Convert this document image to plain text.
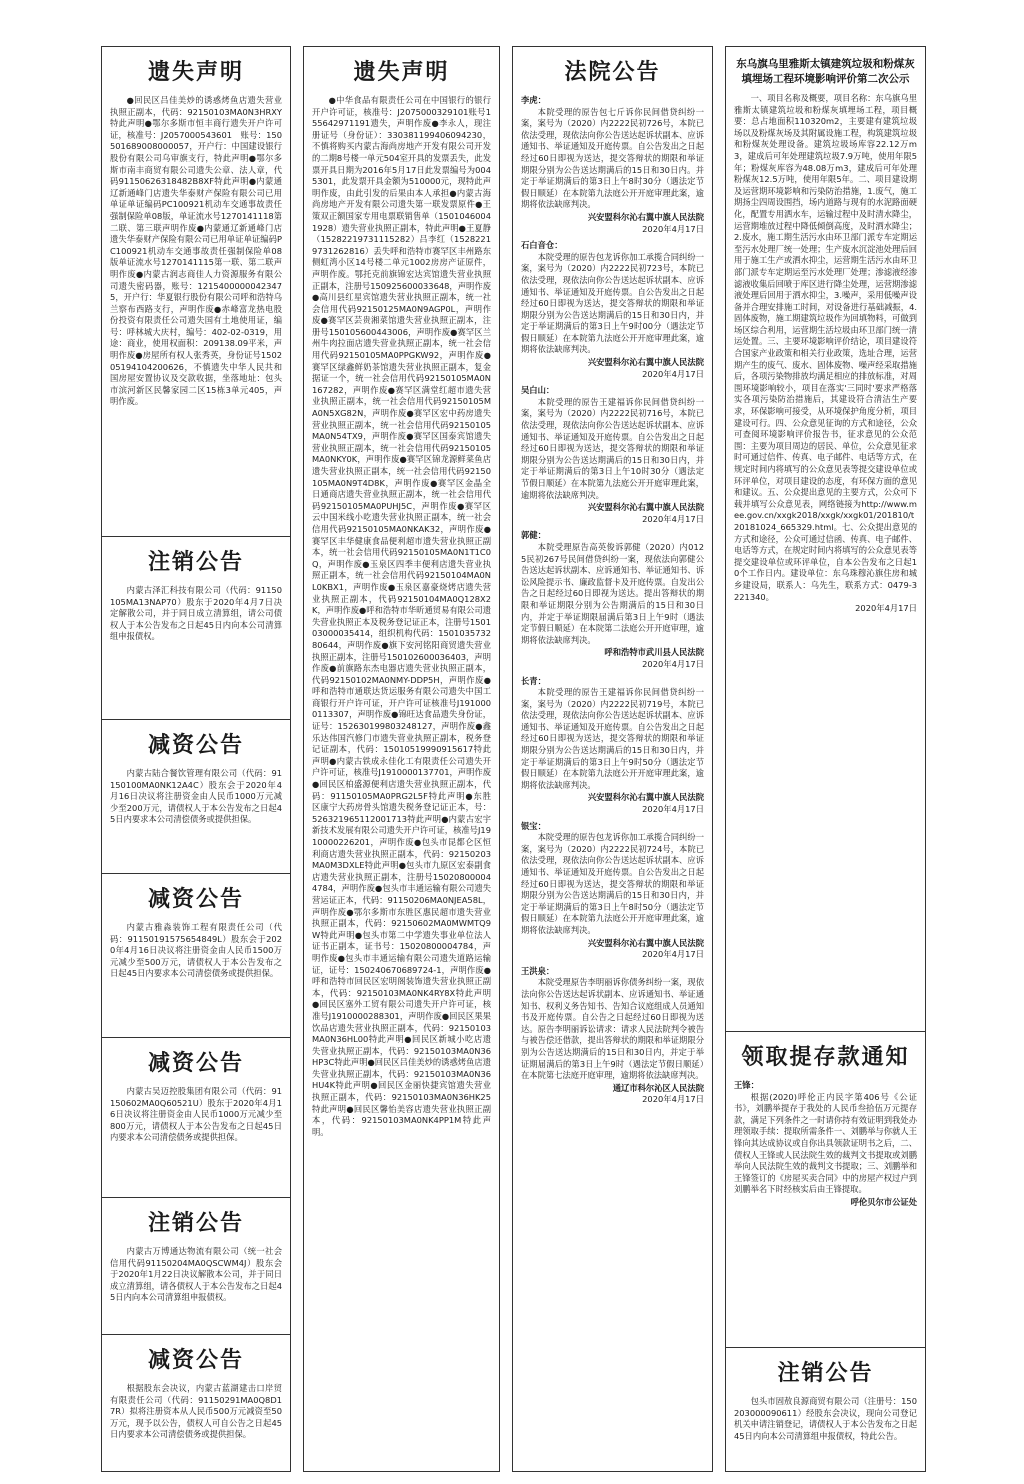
遗失声明

●回民区吕佳美炒的诱惑烤鱼店遗失营业执照正副本，代码：92150103MA0N3HRXY特此声明●鄂尔多斯市恒丰商行遗失开户许可证，核准号：J2057000543601　账号：150501689008000057，开户行：中国建设银行股份有限公司乌审旗支行，特此声明●鄂尔多斯市南丰商贸有限公司遗失公章、法人章，代码91150626318482B8XF特此声明●内蒙通辽新通峰门店遗失华泰财产保险有限公司已用单证单证编码PC100921机动车交通事故责任强制保险单08版，单证流水号1270141118第二联、第三联声明作废●内蒙通辽新通峰门店遗失华泰财产保险有限公司已用单证单证编码PC100921机动车交通事故责任强制保险单08版单证流水号1270141115第一联、第二联声明作废●内蒙古润志商佳人力资源服务有限公司遗失密码器，账号：12154000000423475，开户行：华夏银行股份有限公司呼和浩特乌兰察布西路支行，声明作废●赤峰富龙热电股份投资有限责任公司遗失国有土地使用证，编号：呼林城大庆村，编号：402-02-0319，用途：商业，使用权面积：209138.09平米，声明作废●房屋所有权人张秀英，身份证号150205194104200626，不慎遗失中华人民共和国房屋安置协议及交款收据，坐落地址：包头市滨河新区民馨家园二区15栋3单元405，声明作废。

注销公告

内蒙古泽汇科技有限公司（代码：91150105MA13NAP70）股东于2020年4月7日决定解散公司，并于同日成立清算组，请公司债权人于本公告发布之日起45日内向本公司清算组申报债权。

减资公告

内蒙古陆合餐饮管理有限公司（代码：91150100MA0NK12A4C）股东会于2020年4月16日决议将注册资金由人民币1000万元减少至200万元，请债权人于本公告发布之日起45日内要求本公司清偿债务或提供担保。

减资公告

内蒙古雅淼装饰工程有限责任公司（代码：91150191575654849L）股东会于2020年4月16日决议将注册资金由人民币1500万元减少至500万元，请债权人于本公告发布之日起45日内要求本公司清偿债务或提供担保。

减资公告

内蒙古吴迈控股集团有限公司（代码：91150602MA0Q60521U）股东于2020年4月16日决议将注册资金由人民币1000万元减少至800万元，请债权人于本公告发布之日起45日内要求本公司清偿债务或提供担保。

注销公告

内蒙古万博通达物流有限公司（统一社会信用代码91150204MA0QSCWM4J）股东会于2020年1月22日决议解散本公司，并于同日成立清算组，请各债权人于本公告发布之日起45日内向本公司清算组申报债权。

减资公告

根据股东会决议，内蒙古蓝湖建击口岸贸有限责任公司（代码：91150291MA0Q8D17R）拟将注册资本从人民币500万元减资至50万元，现予以公告，债权人可自公告之日起45日内要求本公司清偿债务或提供担保。

遗失声明

●中华食品有限责任公司在中国银行的银行开户许可证，核准号：J2075000329101账号155642971191遗失，声明作废●李永人，现注册证号（身份证）：330381199406094230，不慎将购买内蒙古海尚房地产开发有限公司开发的二期8号楼一单元504室开具的发票丢失，此发票开具日期为2016年5月17日此发票编号为0045301，此发票开具金额为510000元，现特此声明作废，由此引发的后果由本人承担●内蒙古海尚房地产开发有限公司遗失第一联发票原件●王策双正额国家专用电票联销售单（15010460041928）遗失营业执照正副本，特此声明●王夏静（15282219731115282）吕李红（15282219731262816）丢失呼和浩特市赛罕区丰州路东侧虹湾小区14号楼二单元1002房房产证原件，声明作废。鄂托克前旗锦宏达宾馆遗失营业执照正副本，注册号150925600033648，声明作废●高川县红星宾馆遗失营业执照正副本，统一社会信用代码92150125MA0N9AGP0L，声明作废●赛罕区芸贵湘菜馆遗失营业执照正副本，注册号150105600443006，声明作废●赛罕区兰州牛肉拉面店遗失营业执照正副本，统一社会信用代码92150105MA0PPGKW92，声明作废●赛罕区绿鑫鲜奶茶馆遗失营业执照正副本，复金据证一个，统一社会信用代码92150105MA0N167282，声明作废●赛罕区满堂红超市遗失营业执照正副本，统一社会信用代码92150105MA0N5XG82N，声明作废●赛罕区宏中药房遗失营业执照正副本，统一社会信用代码92150105MA0N54TX9，声明作废●赛罕区国泰宾馆遗失营业执照正副本，统一社会信用代码92150105MA0NKY0K，声明作废●赛罕区锦龙源鲜菜鱼店遗失营业执照正副本，统一社会信用代码92150105MA0N9T4D8K，声明作废●赛罕区金晶全日通商店遗失营业执照正副本，统一社会信用代码92150105MA0PUHJ5C，声明作废●赛罕区云中国米线小吃遗失营业执照正副本，统一社会信用代码92150105MA0NKAK32，声明作废●赛罕区丰华健康食品便利超市遗失营业执照正副本，统一社会信用代码92150105MA0N1T1C0Q，声明作废●玉泉区四季丰便利店遗失营业执照正副本，统一社会信用代码92150104MA0NL0KBX1，声明作废●玉泉区嘉豪烧烤店遗失营业执照正副本，代码92150104MA0Q128X2K，声明作废●呼和浩特市华昕通贸易有限公司遗失营业执照正本及税务登记证正本，注册号150103000035414，组织机构代码：150103573280644，声明作废●旗下安河铭阳商贸遗失营业执照正副本，注册号150102600036403，声明作废●前旗路东杰电器店遗失营业执照正副本，代码92150102MA0NMY-DDP5H，声明作废●呼和浩特市通联达货运服务有限公司遗失中国工商银行开户许可证，开户许可证核准号J1910000113307，声明作废●锦旺达食品遗失身份证，证号：152630199803248127，声明作废●鑫乐达伟国汽修门市遗失营业执照正副本，税务登记证副本，代码：15010519990915617特此声明●内蒙古铁成永佳化工有限责任公司遗失开户许可证，核准号J1910000137701，声明作废●回民区柏盛源便利店遗失营业执照正副本，代码：91150105MA0PRG2L5F特此声明●东胜区康宁大药房骨头馆遗失税务登记证正本，号：526321965112001713特此声明●内蒙古宏宇新技术发展有限公司遗失开户许可证，核准号J1910000226201，声明作废●包头市昆都仑区恒利商店遗失营业执照正副本，代码：92150203MA0M3DXLE特此声明●包头市九原区宏泰副食店遗失营业执照正副本，注册号150208000044784，声明作废●包头市丰通运输有限公司遗失营运证正本，代码：91150206MA0NJEA58L，声明作废●鄂尔多斯市东胜区惠民超市遗失营业执照正副本，代码：92150602MA0MWMTQ9W特此声明●包头市第二中学遗失事业单位法人证书正副本，证书号：15020800004784，声明作废●包头市丰通运输有限公司遗失道路运输证，证号：150240670689724-1，声明作废●呼和浩特市回民区宏明阁装饰遗失营业执照正副本，代码：92150103MA0NK4RY8X特此声明●回民区塞外工贸有限公司遗失开户许可证，核准号J1910000288301，声明作废●回民区果果饮品店遗失营业执照正副本，代码：92150103MA0N36HL00特此声明●回民区新城小吃店遗失营业执照正副本，代码：92150103MA0N36HP3C特此声明●回民区吕佳美炒的诱惑烤鱼店遗失营业执照正副本，代码：92150103MA0N36HU4K特此声明●回民区金丽快捷宾馆遗失营业执照正副本，代码：92150103MA0N36HK25特此声明●回民区馨怡美容店遗失营业执照正副本，代码：92150103MA0NK4PP1M特此声明。

法院公告
李虎：

本院受理的原告包七斤诉你民间借贷纠纷一案，案号为（2020）内2222民初726号，本院已依法受理，现依法向你公告送达起诉状副本、应诉通知书、举证通知及开庭传票。自公告发出之日起经过60日即视为送达，提交答辩状的期限和举证期限分别为公告送达期满后的15日和30日内。并定于举证期满后的第3日上午8时30分（遇法定节假日顺延）在本院第九法庭公开开庭审理此案，逾期将依法缺席判决。

兴安盟科尔沁右翼中旗人民法院
2020年4月17日
石白音仓：

本院受理的原告包龙诉你加工承揽合同纠纷一案，案号为（2020）内2222民初723号，本院已依法受理，现依法向你公告送达起诉状副本、应诉通知书、举证通知及开庭传票。自公告发出之日起经过60日即视为送达，提交答辩状的期限和举证期限分别为公告送达期满后的15日和30日内，并定于举证期满后的第3日上午9时00分（遇法定节假日顺延）在本院第九法庭公开开庭审理此案，逾期将依法缺席判决。

兴安盟科尔沁右翼中旗人民法院
2020年4月17日
吴白山：

本院受理的原告王建福诉你民间借贷纠纷一案，案号为（2020）内2222民初716号，本院已依法受理，现依法向你公告送达起诉状副本、应诉通知书、举证通知及开庭传票。自公告发出之日起经过60日即视为送达，提交答辩状的期限和举证期限分别为公告送达期满后的15日和30日内，并定于举证期满后的第3日上午10时30分（遇法定节假日顺延）在本院第九法庭公开开庭审理此案，逾期将依法缺席判决。

兴安盟科尔沁右翼中旗人民法院
2020年4月17日
郭健：

本院受理原告高英俊诉郭健（2020）内0125民初267号民间借贷纠纷一案，现依法向郭健公告送达起诉状副本、应诉通知书、举证通知书、诉讼风险提示书、廉政监督卡及开庭传票。自发出公告之日起经过60日即视为送达。提出答辩状的期限和举证期限分别为公告期满后的15日和30日内，并定于举证期限届满后第3日上午9时（遇法定节假日顺延）在本院第二法庭公开开庭审理，逾期将依法缺席判决。

呼和浩特市武川县人民法院
2020年4月17日
长青：

本院受理的原告王建福诉你民间借贷纠纷一案，案号为（2020）内2222民初719号，本院已依法受理，现依法向你公告送达起诉状副本、应诉通知书、举证通知及开庭传票。自公告发出之日起经过60日即视为送达，提交答辩状的期限和举证期限分别为公告送达期满后的15日和30日内，并定于举证期满后的第3日上午9时50分（遇法定节假日顺延）在本院第九法庭公开开庭审理此案，逾期将依法缺席判决。

兴安盟科尔沁右翼中旗人民法院
2020年4月17日
银宝：

本院受理的原告包龙诉你加工承揽合同纠纷一案，案号为（2020）内2222民初724号，本院已依法受理，现依法向你公告送达起诉状副本、应诉通知书、举证通知及开庭传票。自公告发出之日起经过60日即视为送达，提交答辩状的期限和举证期限分别为公告送达期满后的15日和30日内，并定于举证期满后的第3日上午8时50分（遇法定节假日顺延）在本院第九法庭公开开庭审理此案，逾期将依法缺席判决。

兴安盟科尔沁右翼中旗人民法院
2020年4月17日
王洪泉：

本院受理原告李明丽诉你债务纠纷一案，现依法向你公告送达起诉状副本、应诉通知书、举证通知书、权利义务告知书、告知合议庭组成人员通知书及开庭传票。自公告之日起经过60日即视为送达。原告李明丽诉讼请求：请求人民法院判令被告与被告偿还借款，提出答辩状的期限和举证期限分别为公告送达期满后的15日和30日内，并定于举证期届满后的第3日上午9时（遇法定节假日顺延）在本院第七法庭开庭审理，逾期将依法缺席判决。

通辽市科尔沁区人民法院
2020年4月17日
东乌旗乌里雅斯太镇建筑垃圾和粉煤灰填埋场工程环境影响评价第二次公示

一、项目名称及概要，项目名称：东乌旗乌里雅斯太镇建筑垃圾和粉煤灰填埋场工程，项目概要：总占地面积110320m2，主要建有建筑垃圾场以及粉煤灰场及其附属设施工程，构筑建筑垃圾和粉煤灰处理设备。建筑垃圾场库容22.12万m3，建成后可年处理建筑垃圾7.9万吨，使用年限5年；粉煤灰库容为48.08万m3，建成后可年处理粉煤灰12.5万吨，使用年限5年。二、项目建设期及运营期环境影响和污染防治措施，1.废气，施工期扬尘四周设围挡，场内道路与现有的水泥路面硬化，配置专用洒水车，运输过程中及时清水降尘，运营期堆放过程中降低倾倒高度，及时洒水降尘；2.废水，施工期生活污水由环卫部门派专车定期运至污水处理厂统一处理；生产废水沉淀池处理后回用于施工生产或洒水抑尘，运营期生活污水由环卫部门派专车定期运至污水处理厂处理；渗滤液经渗滤液收集后回喷于库区进行降尘处理，运营期渗滤液处理后回用于洒水抑尘，3.噪声，采用低噪声设备并合理安排施工时间，对设备进行基础减振，4.固体废物，施工期建筑垃圾作为回填物料，可做到场区综合利用，运营期生活垃圾由环卫部门统一清运处置。三、主要环境影响评价结论，项目建设符合国家产业政策和相关行业政策，选址合理，运营期产生的废气、废水、固体废物、噪声经采取措施后，各项污染物排放均满足相应的排放标准，对周围环境影响较小，项目在落实'三同时'要求严格落实各项污染防治措施后，其建设符合清洁生产要求，环保影响可接受，从环境保护角度分析，项目建设可行。四、公众意见征询的方式和途径，公众可查阅环境影响评价报告书，征求意见的公众范围：主要为项目周边的居民、单位，公众意见征求时可通过信件、传真、电子邮件、电话等方式，在规定时间内将填写的公众意见表等提交建设单位或环评单位，对项目建设的态度，有环保方面的意见和建议。五、公众提出意见的主要方式，公众可下载并填写公众意见表，网络链接为http://www.mee.gov.cn/xxgk2018/xxgk/xxgk01/201810/t20181024_665329.html。七、公众提出意见的方式和途径，公众可通过信函、传真、电子邮件、电话等方式，在规定时间内将填写的公众意见表等提交建设单位或环评单位，自本公告发布之日起10个工作日内。建设单位：东乌珠穆沁旗住房和城乡建设局，联系人：乌先生，联系方式：0479-3221340。

2020年4月17日
领取提存款通知
王锋：

根据(2020)呼伦正内民字第406号《公证书》，刘鹏举提存于我处的人民币叁拾伍万元提存款，满足下列条件之一时请你持有效证明到我处办理领取手续：提取所需条件一、刘鹏举与你就人王锋向其达成协议或自你出具领款证明书之后，二、债权人王锋或人民法院生效的裁判文书提取或刘鹏举向人民法院生效的裁判文书提取；三、刘鹏举和王锋签订的《房屋买卖合同》中的房屋产权过户到刘鹏举名下时经核实后由王锋提取。

呼伦贝尔市公证处
注销公告

包头市固敖良源商贸有限公司（注册号：150203000090611）经股东会决议，现向公司登记机关申请注销登记，请债权人于本公告发布之日起45日内向本公司清算组申报债权，特此公告。
